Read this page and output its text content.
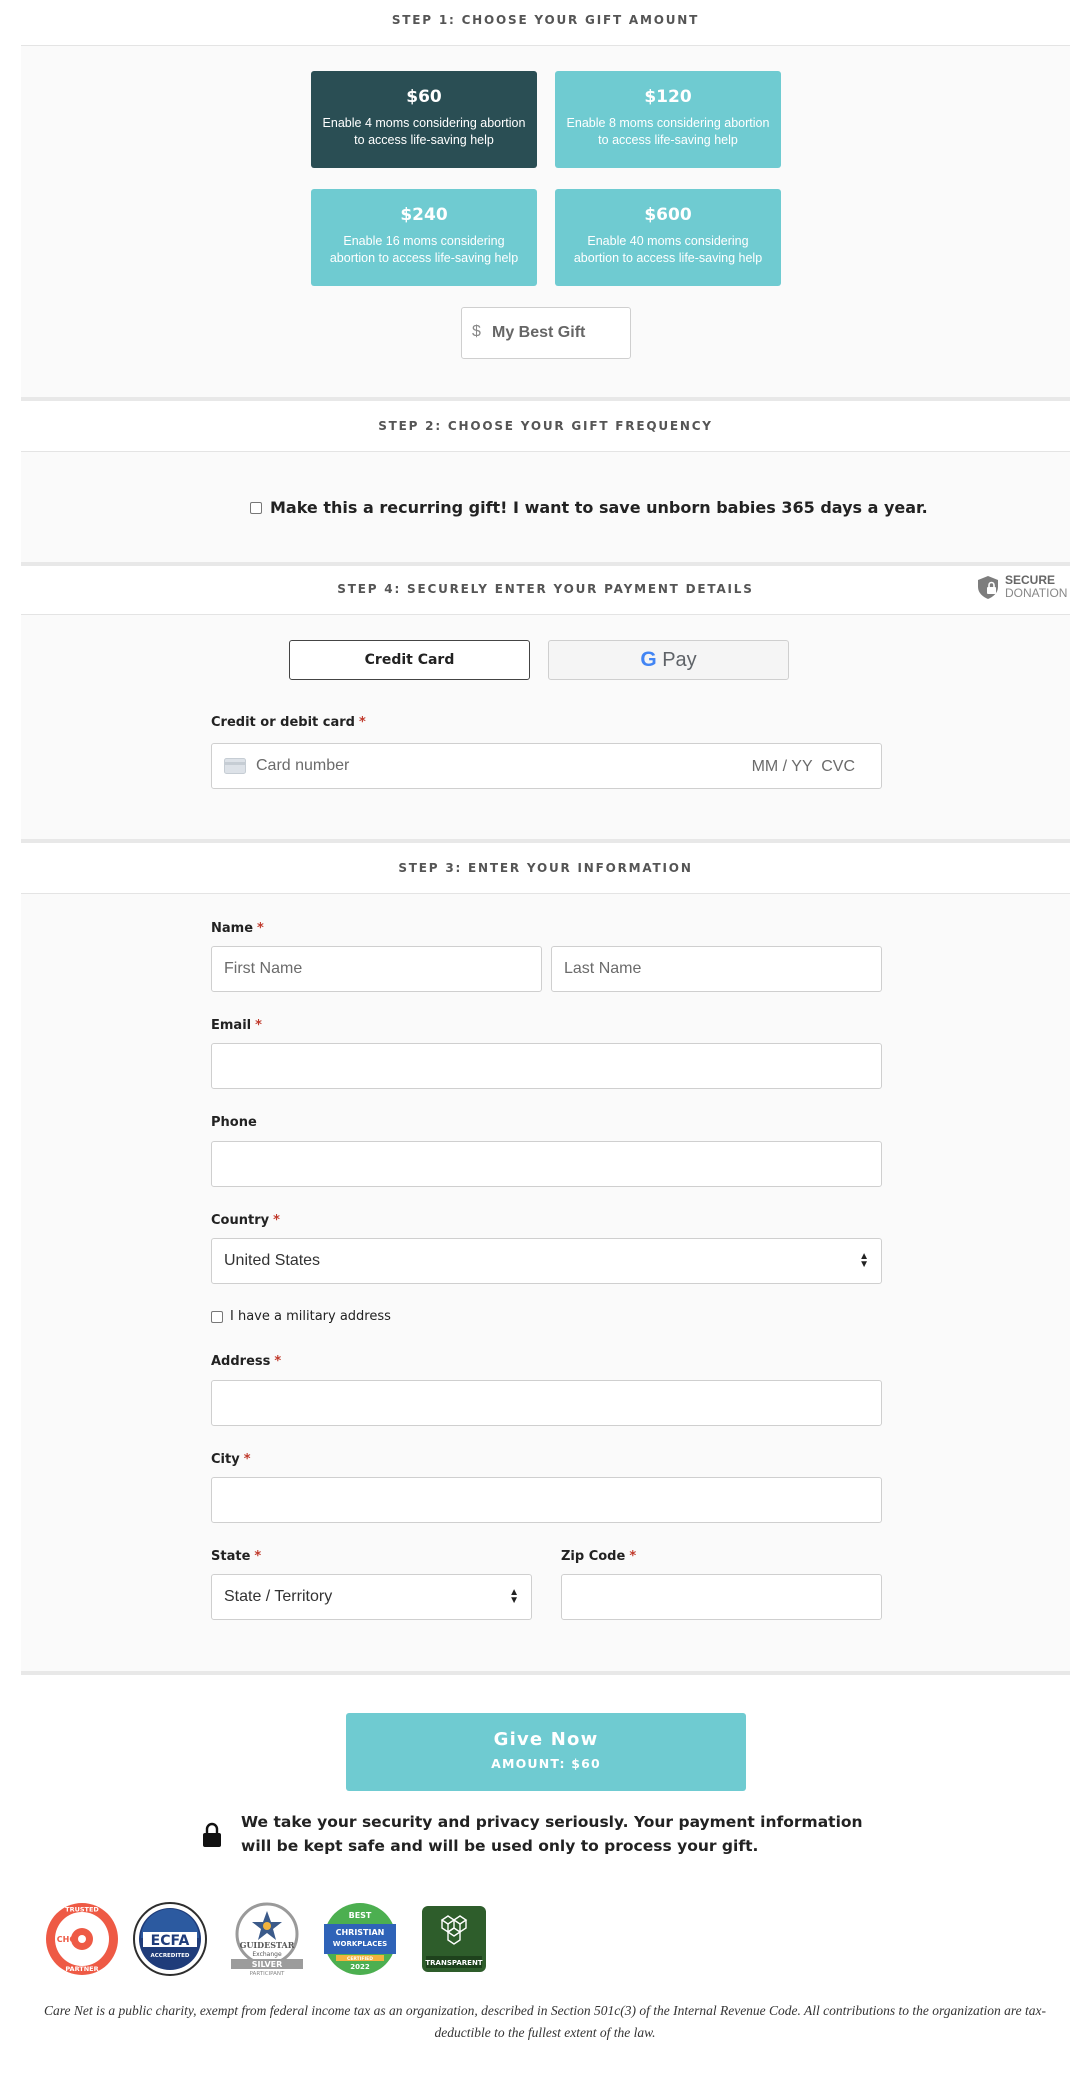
STEP 1: CHOOSE YOUR GIFT AMOUNT
$60
Enable 4 moms considering abortion to access life-saving help
$120
Enable 8 moms considering abortion to access life-saving help
$240
Enable 16 moms considering abortion to access life-saving help
$600
Enable 40 moms considering abortion to access life-saving help
$
My Best Gift
STEP 2: CHOOSE YOUR GIFT FREQUENCY
Make this a recurring gift! I want to save unborn babies 365 days a year.
STEP 4: SECURELY ENTER YOUR PAYMENT DETAILS
SECURE
DONATION
Credit Card	G Pay
Credit or debit card *
Card number
MM / YY  CVC
STEP 3: ENTER YOUR INFORMATION
Name *
First Name
Last Name
Email *
Phone
Country *
United States	▲
▼
I have a military address
Address *
City *
State *
State / Territory	▲
▼
Zip Code *
Give Now
AMOUNT: $60
We take your security and privacy seriously. Your payment information will be kept safe and will be used only to process your gift.
TRUSTED
CHC
PARTNER
ECFA
ACCREDITED
GUIDESTAR
Exchange
SILVER
PARTICIPANT
BEST
CHRISTIAN
WORKPLACES
CERTIFIED
2022	TRANSPARENT
Care Net is a public charity, exempt from federal income tax as an organization, described in Section 501c(3) of the Internal Revenue Code. All contributions to the organization are tax-deductible to the fullest extent of the law.
